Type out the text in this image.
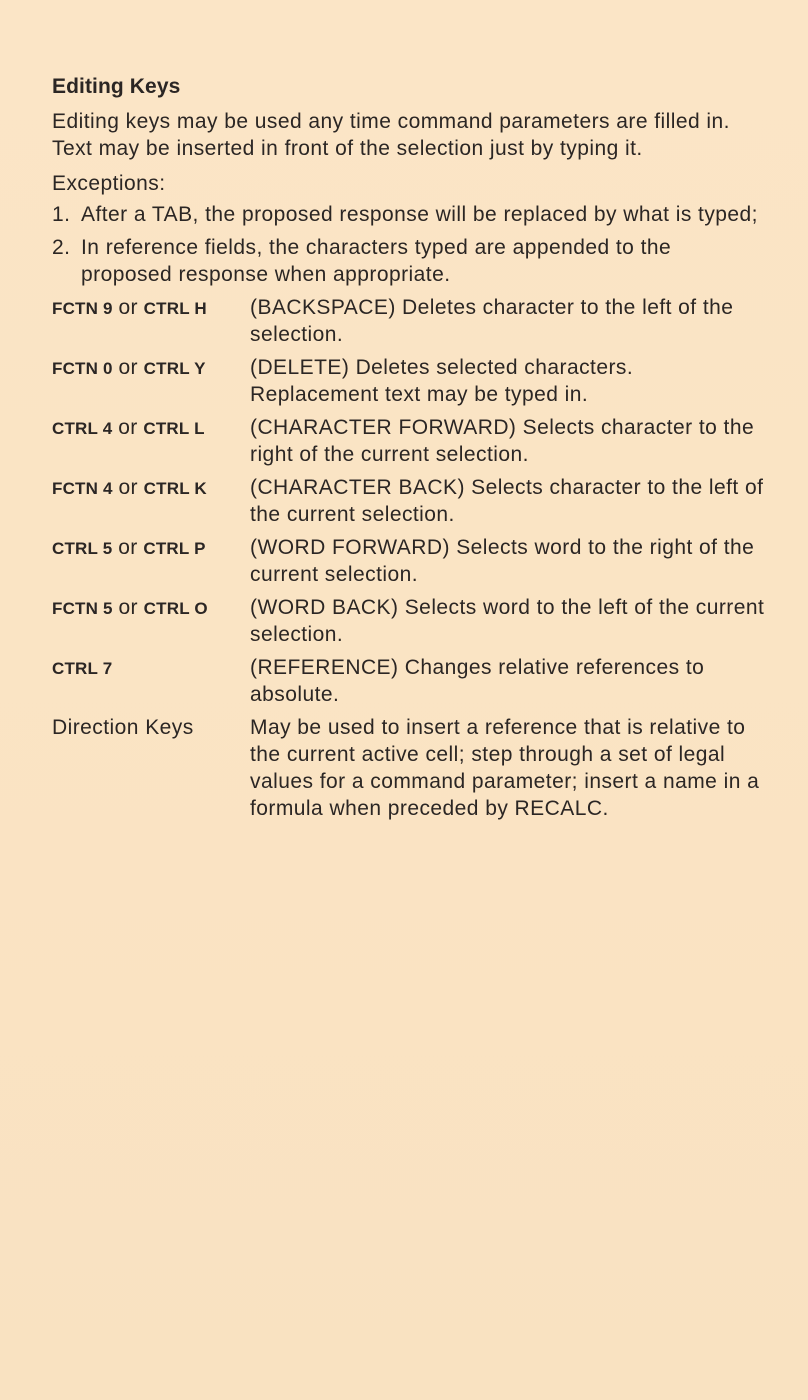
Editing Keys

Editing keys may be used any time command parameters are filled in. Text may be inserted in front of the selection just by typing it.

Exceptions:

1. After a TAB, the proposed response will be replaced by what is typed;
2. In reference fields, the characters typed are appended to the proposed response when appropriate.
FCTN 9 or CTRL H	(BACKSPACE) Deletes character to the left of the selection.
FCTN 0 or CTRL Y	(DELETE) Deletes selected characters. Replacement text may be typed in.
CTRL 4 or CTRL L	(CHARACTER FORWARD) Selects character to the right of the current selection.
FCTN 4 or CTRL K	(CHARACTER BACK) Selects character to the left of the current selection.
CTRL 5 or CTRL P	(WORD FORWARD) Selects word to the right of the current selection.
FCTN 5 or CTRL O	(WORD BACK) Selects word to the left of the current selection.
CTRL 7	(REFERENCE) Changes relative references to absolute.
Direction Keys	May be used to insert a reference that is relative to the current active cell; step through a set of legal values for a command parameter; insert a name in a formula when preceded by RECALC.
